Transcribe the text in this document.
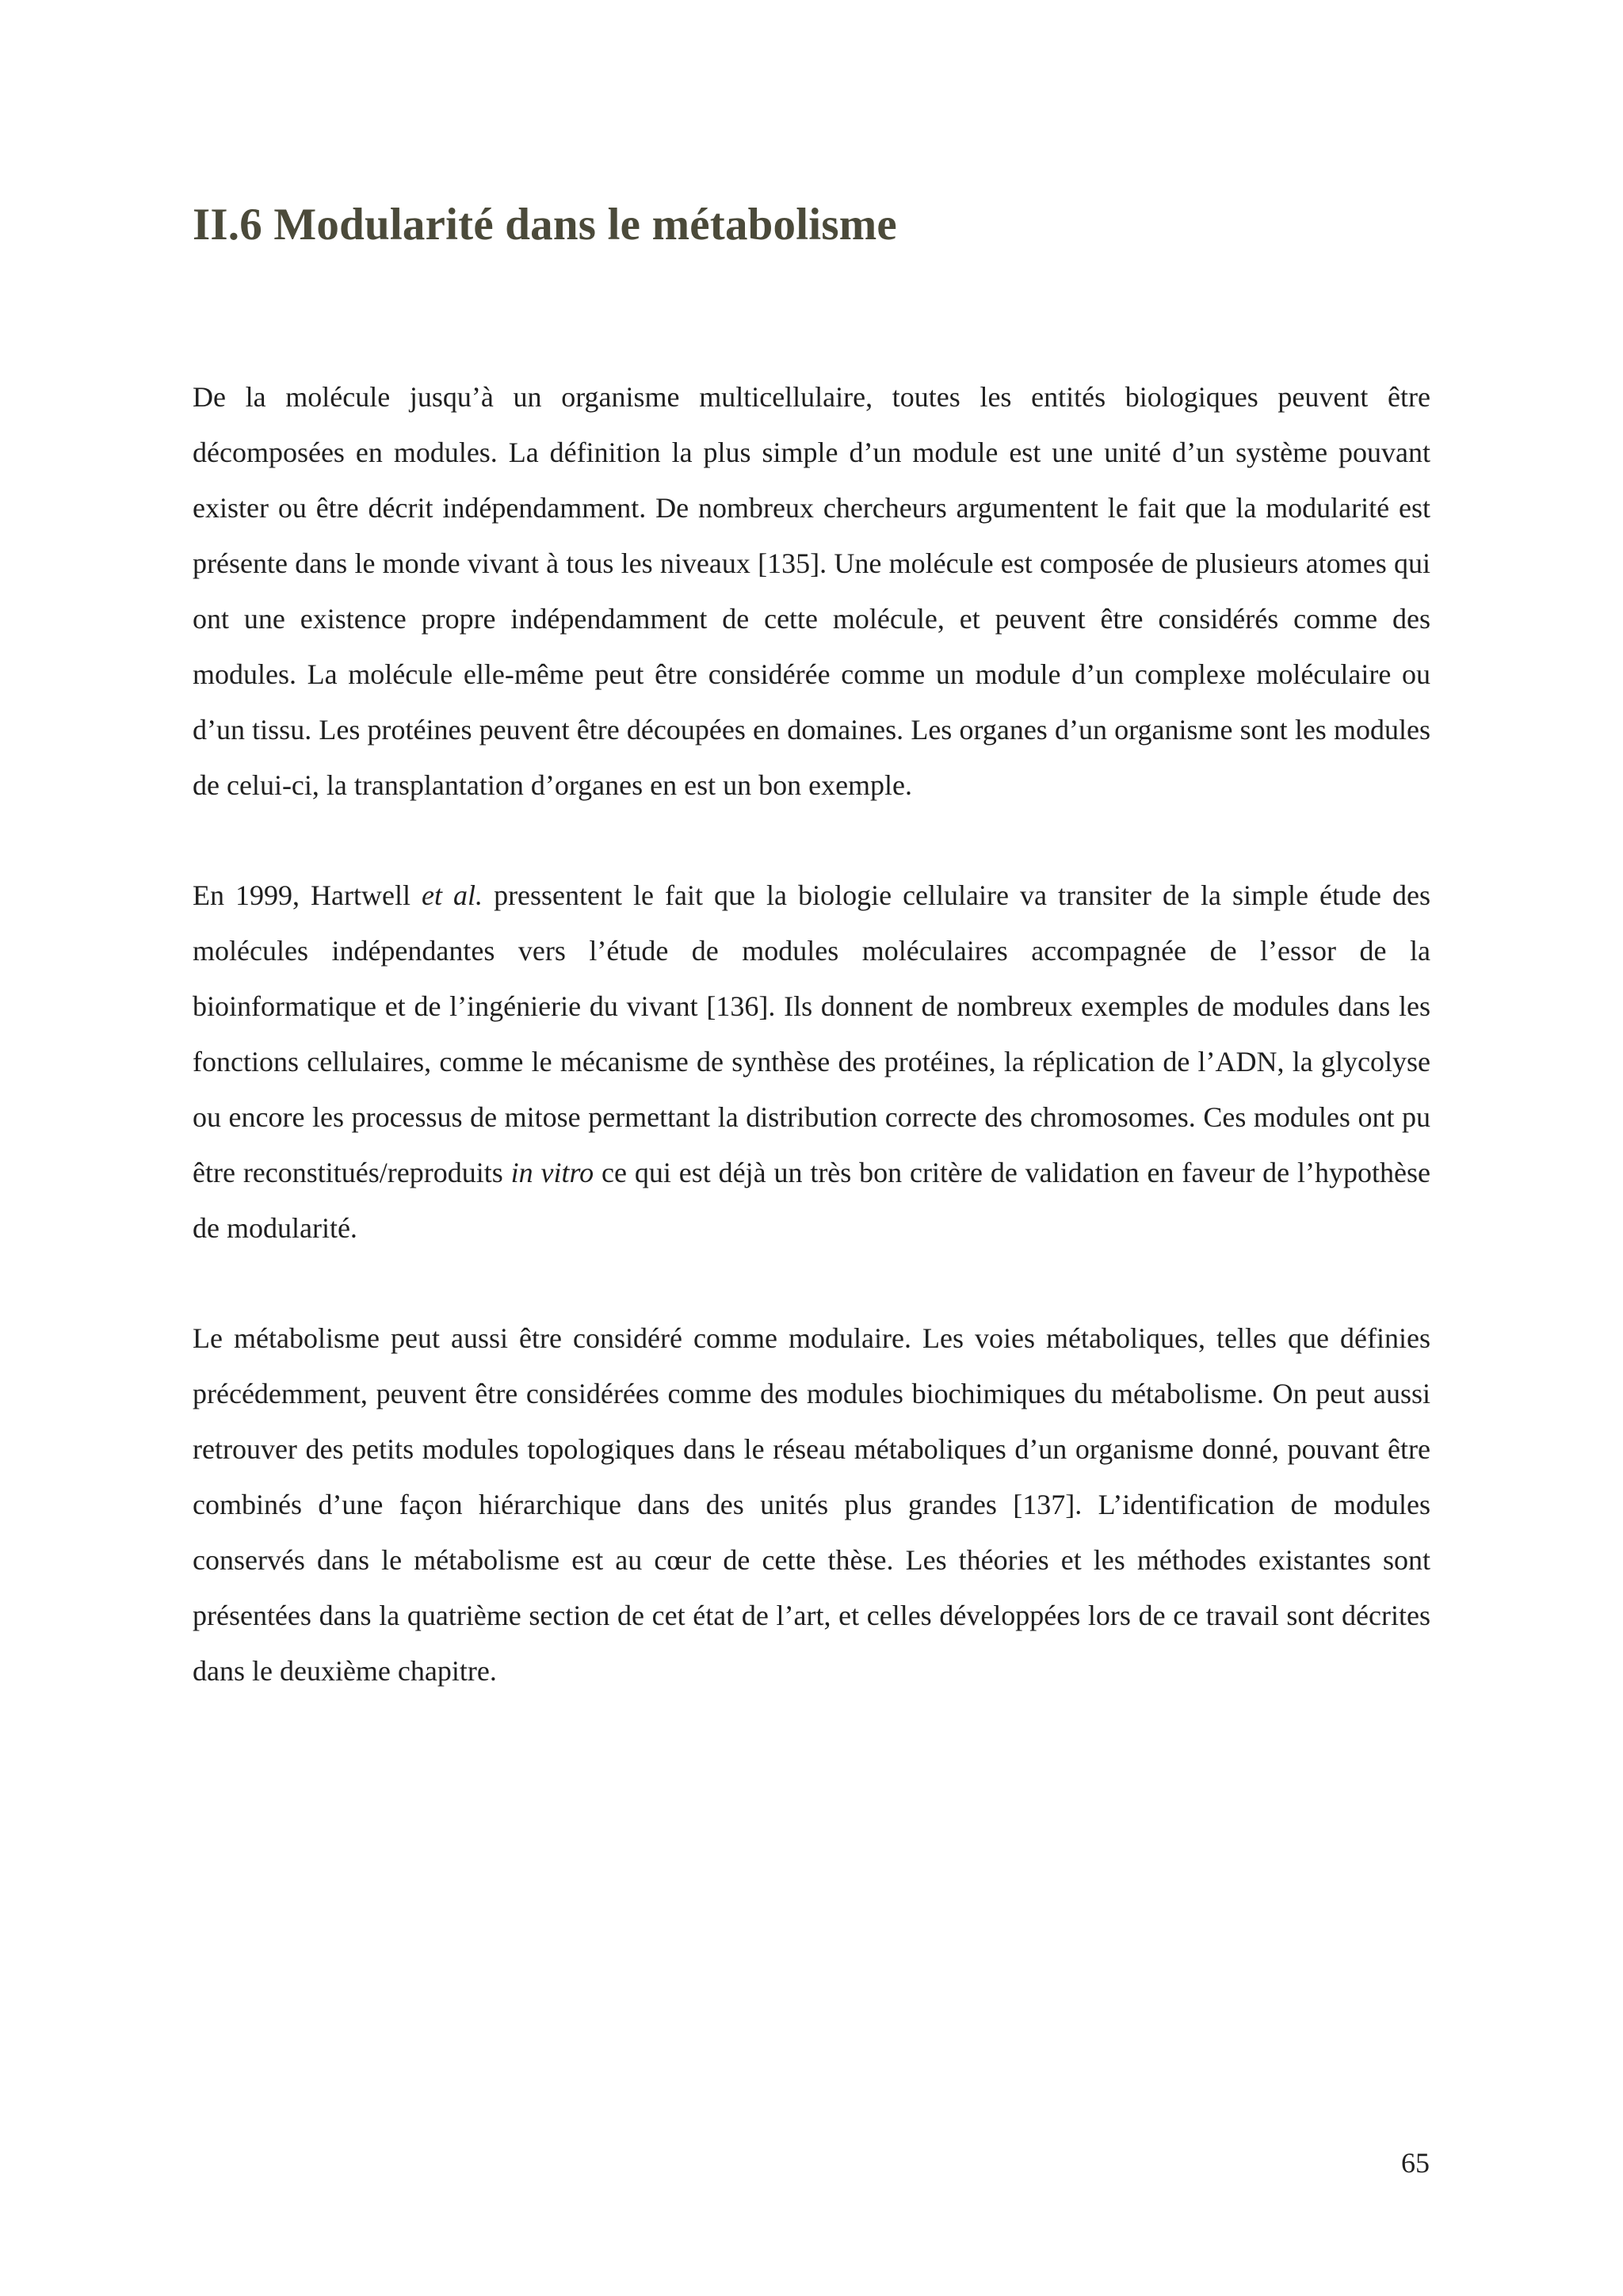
II.6 Modularité dans le métabolisme

De la molécule jusqu’à un organisme multicellulaire, toutes les entités biologiques peuvent être décomposées en modules. La définition la plus simple d’un module est une unité d’un système pouvant exister ou être décrit indépendamment. De nombreux chercheurs argumentent le fait que la modularité est présente dans le monde vivant à tous les niveaux [135]. Une molécule est composée de plusieurs atomes qui ont une existence propre indépendamment de cette molécule, et peuvent être considérés comme des modules. La molécule elle-même peut être considérée comme un module d’un complexe moléculaire ou d’un tissu. Les protéines peuvent être découpées en domaines. Les organes d’un organisme sont les modules de celui-ci, la transplantation d’organes en est un bon exemple.

En 1999, Hartwell et al. pressentent le fait que la biologie cellulaire va transiter de la simple étude des molécules indépendantes vers l’étude de modules moléculaires accompagnée de l’essor de la bioinformatique et de l’ingénierie du vivant [136]. Ils donnent de nombreux exemples de modules dans les fonctions cellulaires, comme le mécanisme de synthèse des protéines, la réplication de l’ADN, la glycolyse ou encore les processus de mitose permettant la distribution correcte des chromosomes. Ces modules ont pu être reconstitués/reproduits in vitro ce qui est déjà un très bon critère de validation en faveur de l’hypothèse de modularité.

Le métabolisme peut aussi être considéré comme modulaire. Les voies métaboliques, telles que définies précédemment, peuvent être considérées comme des modules biochimiques du métabolisme. On peut aussi retrouver des petits modules topologiques dans le réseau métaboliques d’un organisme donné, pouvant être combinés d’une façon hiérarchique dans des unités plus grandes [137]. L’identification de modules conservés dans le métabolisme est au cœur de cette thèse. Les théories et les méthodes existantes sont présentées dans la quatrième section de cet état de l’art, et celles développées lors de ce travail sont décrites dans le deuxième chapitre.

65
